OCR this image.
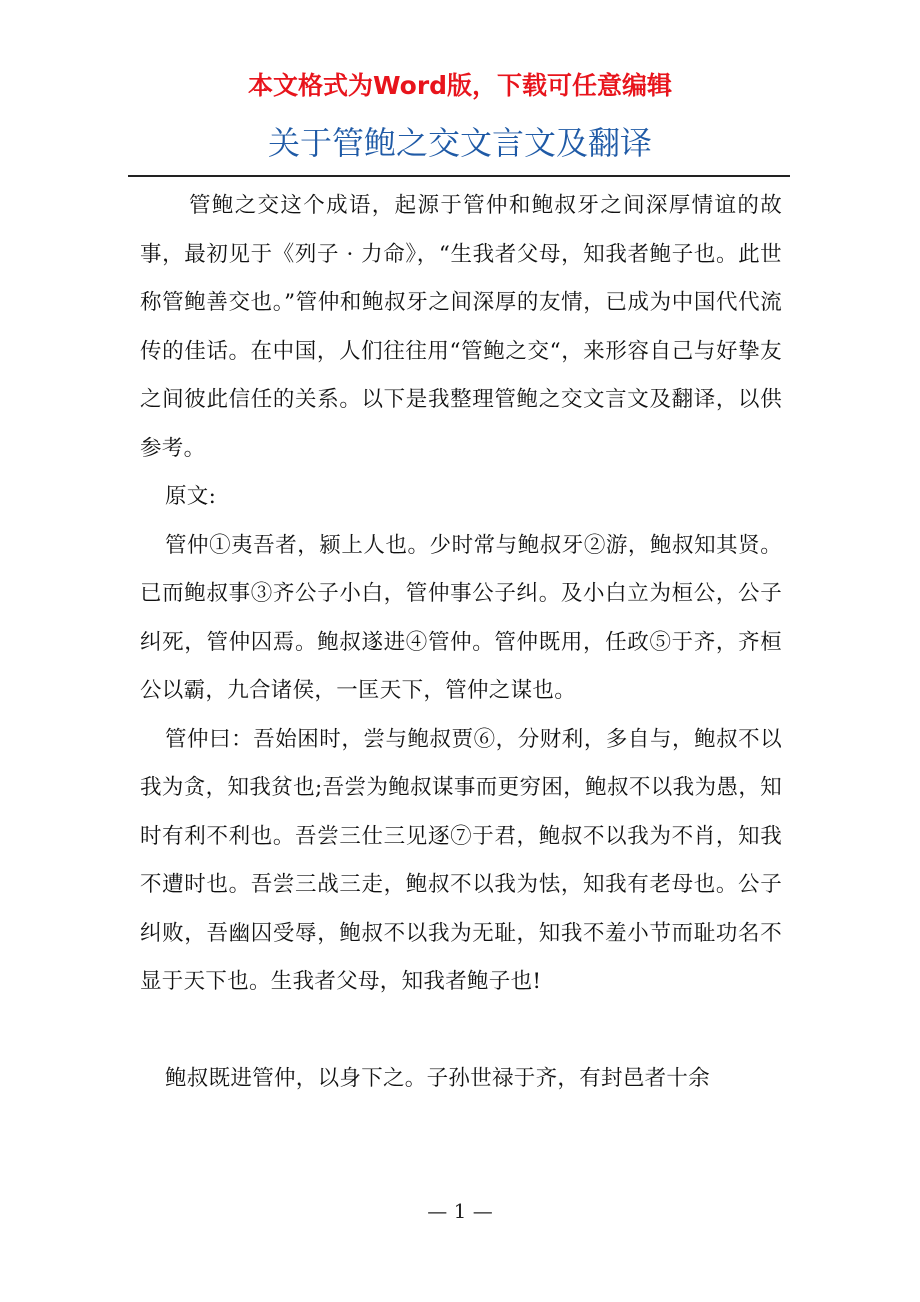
本文格式为Word版，下载可任意编辑
关于管鲍之交文言文及翻译

管鲍之交这个成语，起源于管仲和鲍叔牙之间深厚情谊的故事，最初见于《列子 · 力命》，“生我者父母，知我者鲍子也。此世称管鲍善交也。”管仲和鲍叔牙之间深厚的友情，已成为中国代代流传的佳话。在中国，人们往往用“管鲍之交“，来形容自己与好挚友之间彼此信任的关系。以下是我整理管鲍之交文言文及翻译，以供参考。

原文:

管仲①夷吾者，颍上人也。少时常与鲍叔牙②游，鲍叔知其贤。已而鲍叔事③齐公子小白，管仲事公子纠。及小白立为桓公，公子纠死，管仲囚焉。鲍叔遂进④管仲。管仲既用，任政⑤于齐，齐桓公以霸，九合诸侯，一匡天下，管仲之谋也。

管仲曰：吾始困时，尝与鲍叔贾⑥，分财利，多自与，鲍叔不以我为贪，知我贫也;吾尝为鲍叔谋事而更穷困，鲍叔不以我为愚，知时有利不利也。吾尝三仕三见逐⑦于君，鲍叔不以我为不肖，知我不遭时也。吾尝三战三走，鲍叔不以我为怯，知我有老母也。公子纠败，吾幽囚受辱，鲍叔不以我为无耻，知我不羞小节而耻功名不显于天下也。生我者父母，知我者鲍子也!

鲍叔既进管仲，以身下之。子孙世禄于齐，有封邑者十余

— 1 —
